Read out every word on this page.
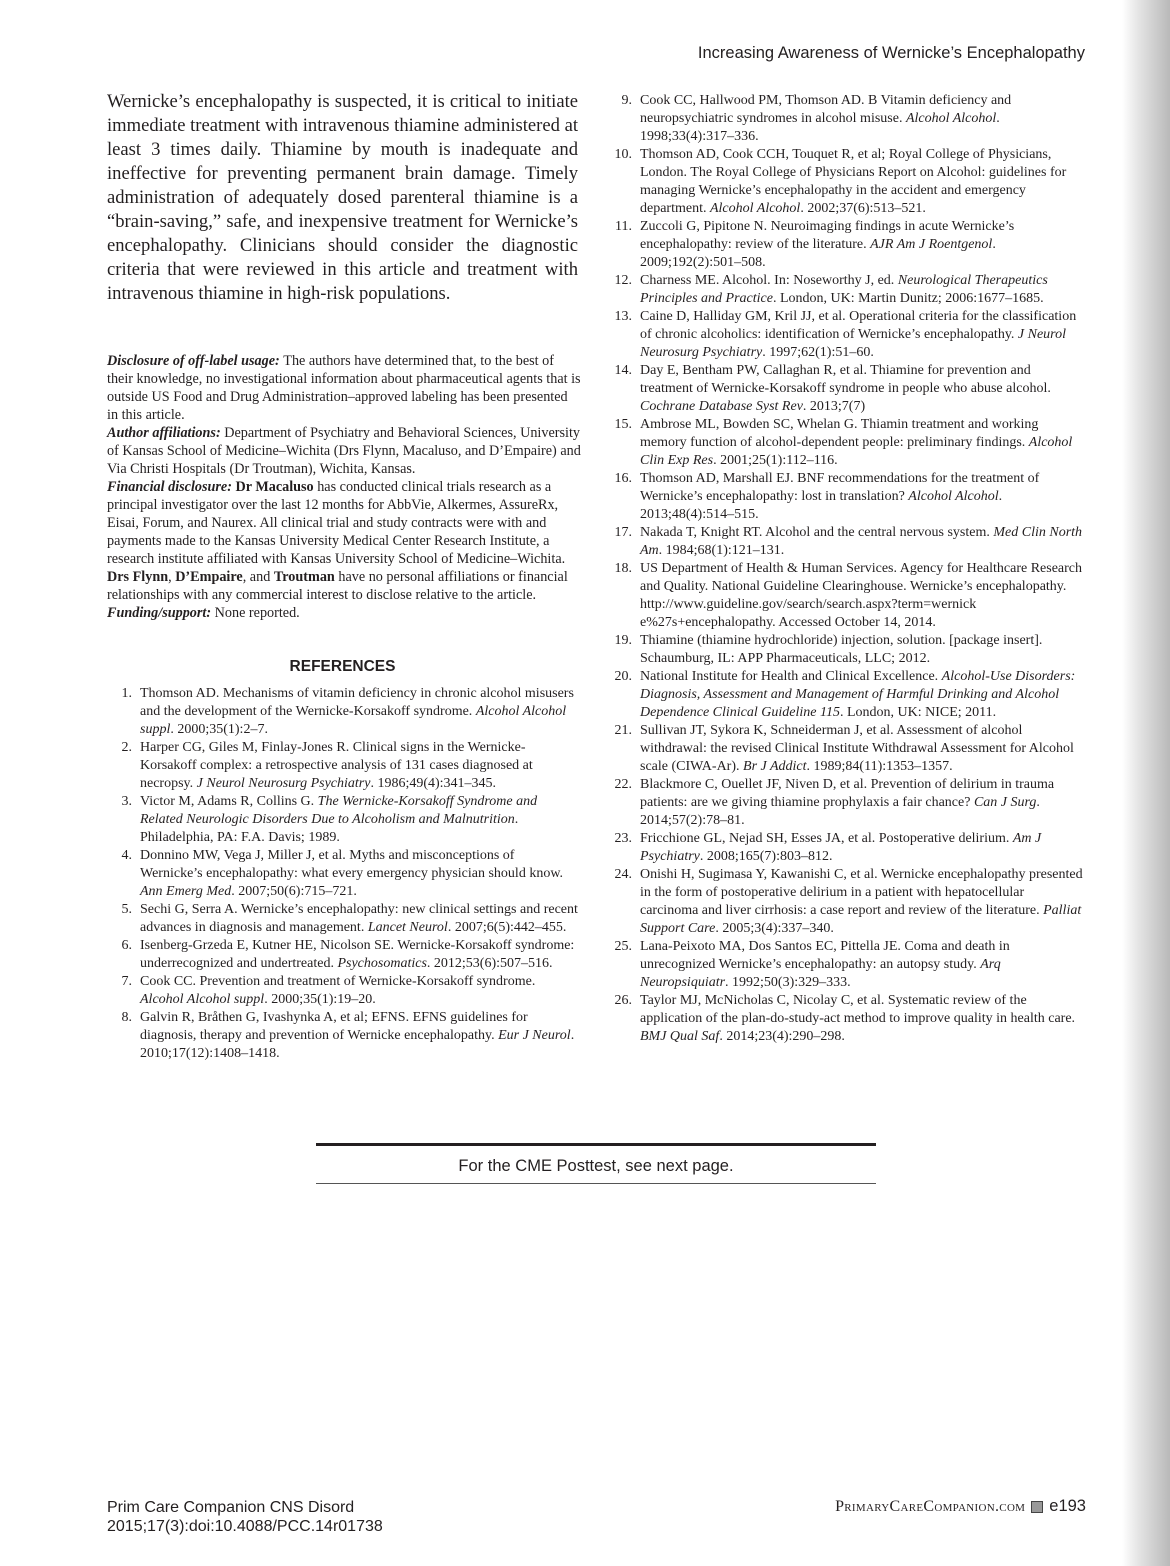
Increasing Awareness of Wernicke’s Encephalopathy

Wernicke’s encephalopathy is suspected, it is critical to initiate immediate treatment with intravenous thiamine administered at least 3 times daily. Thiamine by mouth is inadequate and ineffective for preventing permanent brain damage. Timely administration of adequately dosed parenteral thiamine is a “brain-saving,” safe, and inexpensive treatment for Wernicke’s encephalopathy. Clinicians should consider the diagnostic criteria that were reviewed in this article and treatment with intravenous thiamine in high-risk populations.

Disclosure of off-label usage: The authors have determined that, to the best of their knowledge, no investigational information about pharmaceutical agents that is outside US Food and Drug Administration–approved labeling has been presented in this article.

Author affiliations: Department of Psychiatry and Behavioral Sciences, University of Kansas School of Medicine–Wichita (Drs Flynn, Macaluso, and D’Empaire) and Via Christi Hospitals (Dr Troutman), Wichita, Kansas.

Financial disclosure: Dr Macaluso has conducted clinical trials research as a principal investigator over the last 12 months for AbbVie, Alkermes, AssureRx, Eisai, Forum, and Naurex. All clinical trial and study contracts were with and payments made to the Kansas University Medical Center Research Institute, a research institute affiliated with Kansas University School of Medicine–Wichita. Drs Flynn, D’Empaire, and Troutman have no personal affiliations or financial relationships with any commercial interest to disclose relative to the article.

Funding/support: None reported.

REFERENCES
1. Thomson AD. Mechanisms of vitamin deficiency in chronic alcohol misusers and the development of the Wernicke-Korsakoff syndrome. Alcohol Alcohol suppl. 2000;35(1):2–7.
2. Harper CG, Giles M, Finlay-Jones R. Clinical signs in the Wernicke-Korsakoff complex: a retrospective analysis of 131 cases diagnosed at necropsy. J Neurol Neurosurg Psychiatry. 1986;49(4):341–345.
3. Victor M, Adams R, Collins G. The Wernicke-Korsakoff Syndrome and Related Neurologic Disorders Due to Alcoholism and Malnutrition. Philadelphia, PA: F.A. Davis; 1989.
4. Donnino MW, Vega J, Miller J, et al. Myths and misconceptions of Wernicke’s encephalopathy: what every emergency physician should know. Ann Emerg Med. 2007;50(6):715–721.
5. Sechi G, Serra A. Wernicke’s encephalopathy: new clinical settings and recent advances in diagnosis and management. Lancet Neurol. 2007;6(5):442–455.
6. Isenberg-Grzeda E, Kutner HE, Nicolson SE. Wernicke-Korsakoff syndrome: underrecognized and undertreated. Psychosomatics. 2012;53(6):507–516.
7. Cook CC. Prevention and treatment of Wernicke-Korsakoff syndrome. Alcohol Alcohol suppl. 2000;35(1):19–20.
8. Galvin R, Bråthen G, Ivashynka A, et al; EFNS. EFNS guidelines for diagnosis, therapy and prevention of Wernicke encephalopathy. Eur J Neurol. 2010;17(12):1408–1418.
9. Cook CC, Hallwood PM, Thomson AD. B Vitamin deficiency and neuropsychiatric syndromes in alcohol misuse. Alcohol Alcohol. 1998;33(4):317–336.
10. Thomson AD, Cook CCH, Touquet R, et al; Royal College of Physicians, London. The Royal College of Physicians Report on Alcohol: guidelines for managing Wernicke’s encephalopathy in the accident and emergency department. Alcohol Alcohol. 2002;37(6):513–521.
11. Zuccoli G, Pipitone N. Neuroimaging findings in acute Wernicke’s encephalopathy: review of the literature. AJR Am J Roentgenol. 2009;192(2):501–508.
12. Charness ME. Alcohol. In: Noseworthy J, ed. Neurological Therapeutics Principles and Practice. London, UK: Martin Dunitz; 2006:1677–1685.
13. Caine D, Halliday GM, Kril JJ, et al. Operational criteria for the classification of chronic alcoholics: identification of Wernicke’s encephalopathy. J Neurol Neurosurg Psychiatry. 1997;62(1):51–60.
14. Day E, Bentham PW, Callaghan R, et al. Thiamine for prevention and treatment of Wernicke-Korsakoff syndrome in people who abuse alcohol. Cochrane Database Syst Rev. 2013;7(7)
15. Ambrose ML, Bowden SC, Whelan G. Thiamin treatment and working memory function of alcohol-dependent people: preliminary findings. Alcohol Clin Exp Res. 2001;25(1):112–116.
16. Thomson AD, Marshall EJ. BNF recommendations for the treatment of Wernicke’s encephalopathy: lost in translation? Alcohol Alcohol. 2013;48(4):514–515.
17. Nakada T, Knight RT. Alcohol and the central nervous system. Med Clin North Am. 1984;68(1):121–131.
18. US Department of Health & Human Services. Agency for Healthcare Research and Quality. National Guideline Clearinghouse. Wernicke’s encephalopathy. http://www.guideline.gov/search/search.aspx?term=wernick e%27s+encephalopathy. Accessed October 14, 2014.
19. Thiamine (thiamine hydrochloride) injection, solution. [package insert]. Schaumburg, IL: APP Pharmaceuticals, LLC; 2012.
20. National Institute for Health and Clinical Excellence. Alcohol-Use Disorders: Diagnosis, Assessment and Management of Harmful Drinking and Alcohol Dependence Clinical Guideline 115. London, UK: NICE; 2011.
21. Sullivan JT, Sykora K, Schneiderman J, et al. Assessment of alcohol withdrawal: the revised Clinical Institute Withdrawal Assessment for Alcohol scale (CIWA-Ar). Br J Addict. 1989;84(11):1353–1357.
22. Blackmore C, Ouellet JF, Niven D, et al. Prevention of delirium in trauma patients: are we giving thiamine prophylaxis a fair chance? Can J Surg. 2014;57(2):78–81.
23. Fricchione GL, Nejad SH, Esses JA, et al. Postoperative delirium. Am J Psychiatry. 2008;165(7):803–812.
24. Onishi H, Sugimasa Y, Kawanishi C, et al. Wernicke encephalopathy presented in the form of postoperative delirium in a patient with hepatocellular carcinoma and liver cirrhosis: a case report and review of the literature. Palliat Support Care. 2005;3(4):337–340.
25. Lana-Peixoto MA, Dos Santos EC, Pittella JE. Coma and death in unrecognized Wernicke’s encephalopathy: an autopsy study. Arq Neuropsiquiatr. 1992;50(3):329–333.
26. Taylor MJ, McNicholas C, Nicolay C, et al. Systematic review of the application of the plan-do-study-act method to improve quality in health care. BMJ Qual Saf. 2014;23(4):290–298.
For the CME Posttest, see next page.
Prim Care Companion CNS Disord
2015;17(3):doi:10.4088/PCC.14r01738
PrimaryCareCompanion.com e193
